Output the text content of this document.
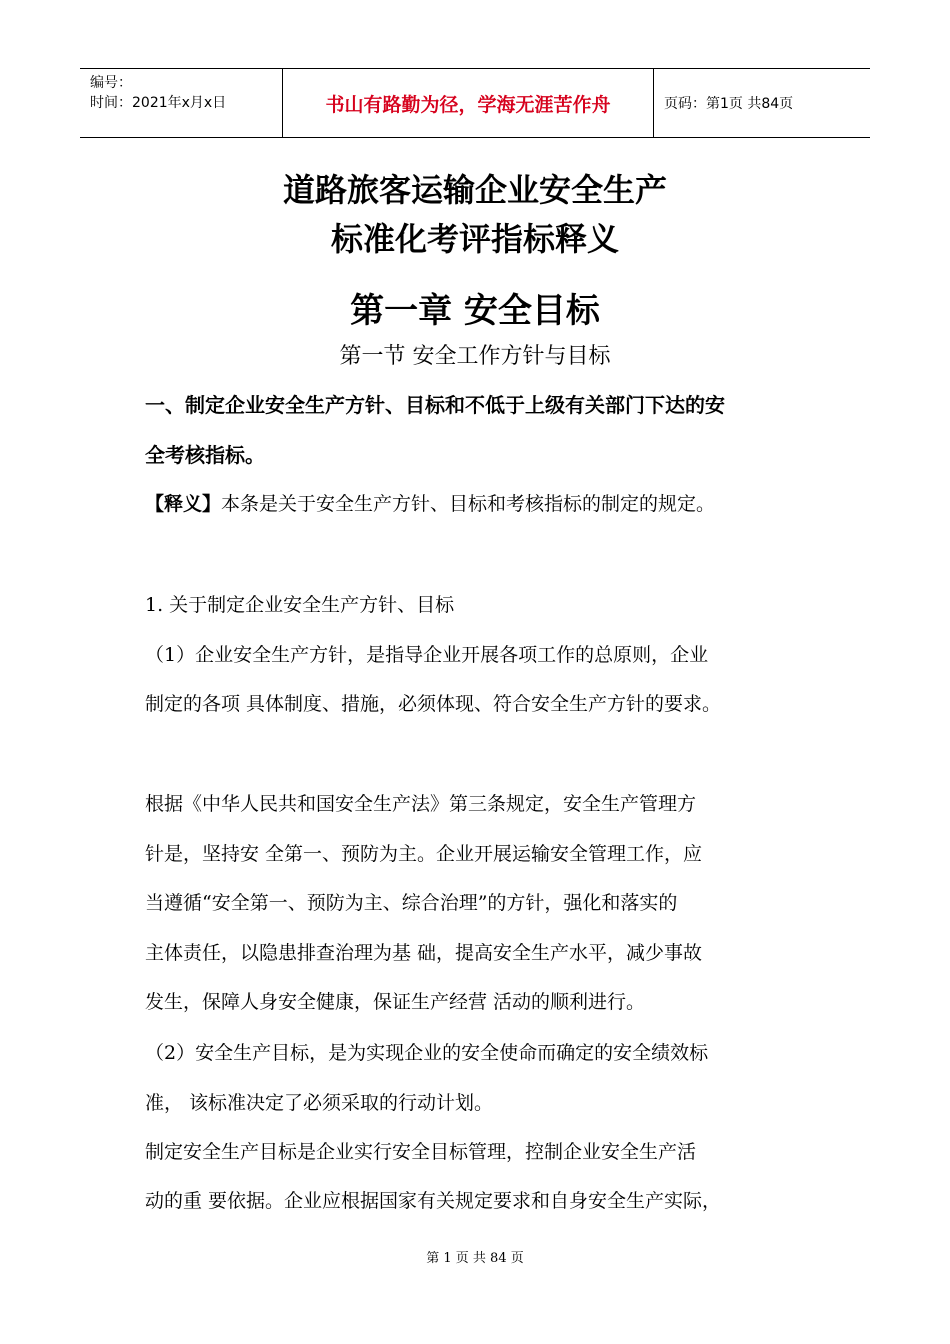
编号：
时间：2021年x月x日	书山有路勤为径，学海无涯苦作舟	页码：第1页 共84页
道路旅客运输企业安全生产
标准化考评指标释义
第一章 安全目标
第一节 安全工作方针与目标
一、制定企业安全生产方针、目标和不低于上级有关部门下达的安
全考核指标。
【释义】本条是关于安全生产方针、目标和考核指标的制定的规定。
1. 关于制定企业安全生产方针、目标
（1）企业安全生产方针，是指导企业开展各项工作的总原则，企业
制定的各项 具体制度、措施，必须体现、符合安全生产方针的要求。
根据《中华人民共和国安全生产法》第三条规定，安全生产管理方
针是，坚持安 全第一、预防为主。企业开展运输安全管理工作，应
当遵循“安全第一、预防为主、综合治理”的方针，强化和落实的
主体责任，以隐患排查治理为基 础，提高安全生产水平，减少事故
发生，保障人身安全健康，保证生产经营 活动的顺利进行。
（2）安全生产目标，是为实现企业的安全使命而确定的安全绩效标
准， 该标准决定了必须采取的行动计划。
制定安全生产目标是企业实行安全目标管理，控制企业安全生产活
动的重 要依据。企业应根据国家有关规定要求和自身安全生产实际，
第 1 页 共 84 页
